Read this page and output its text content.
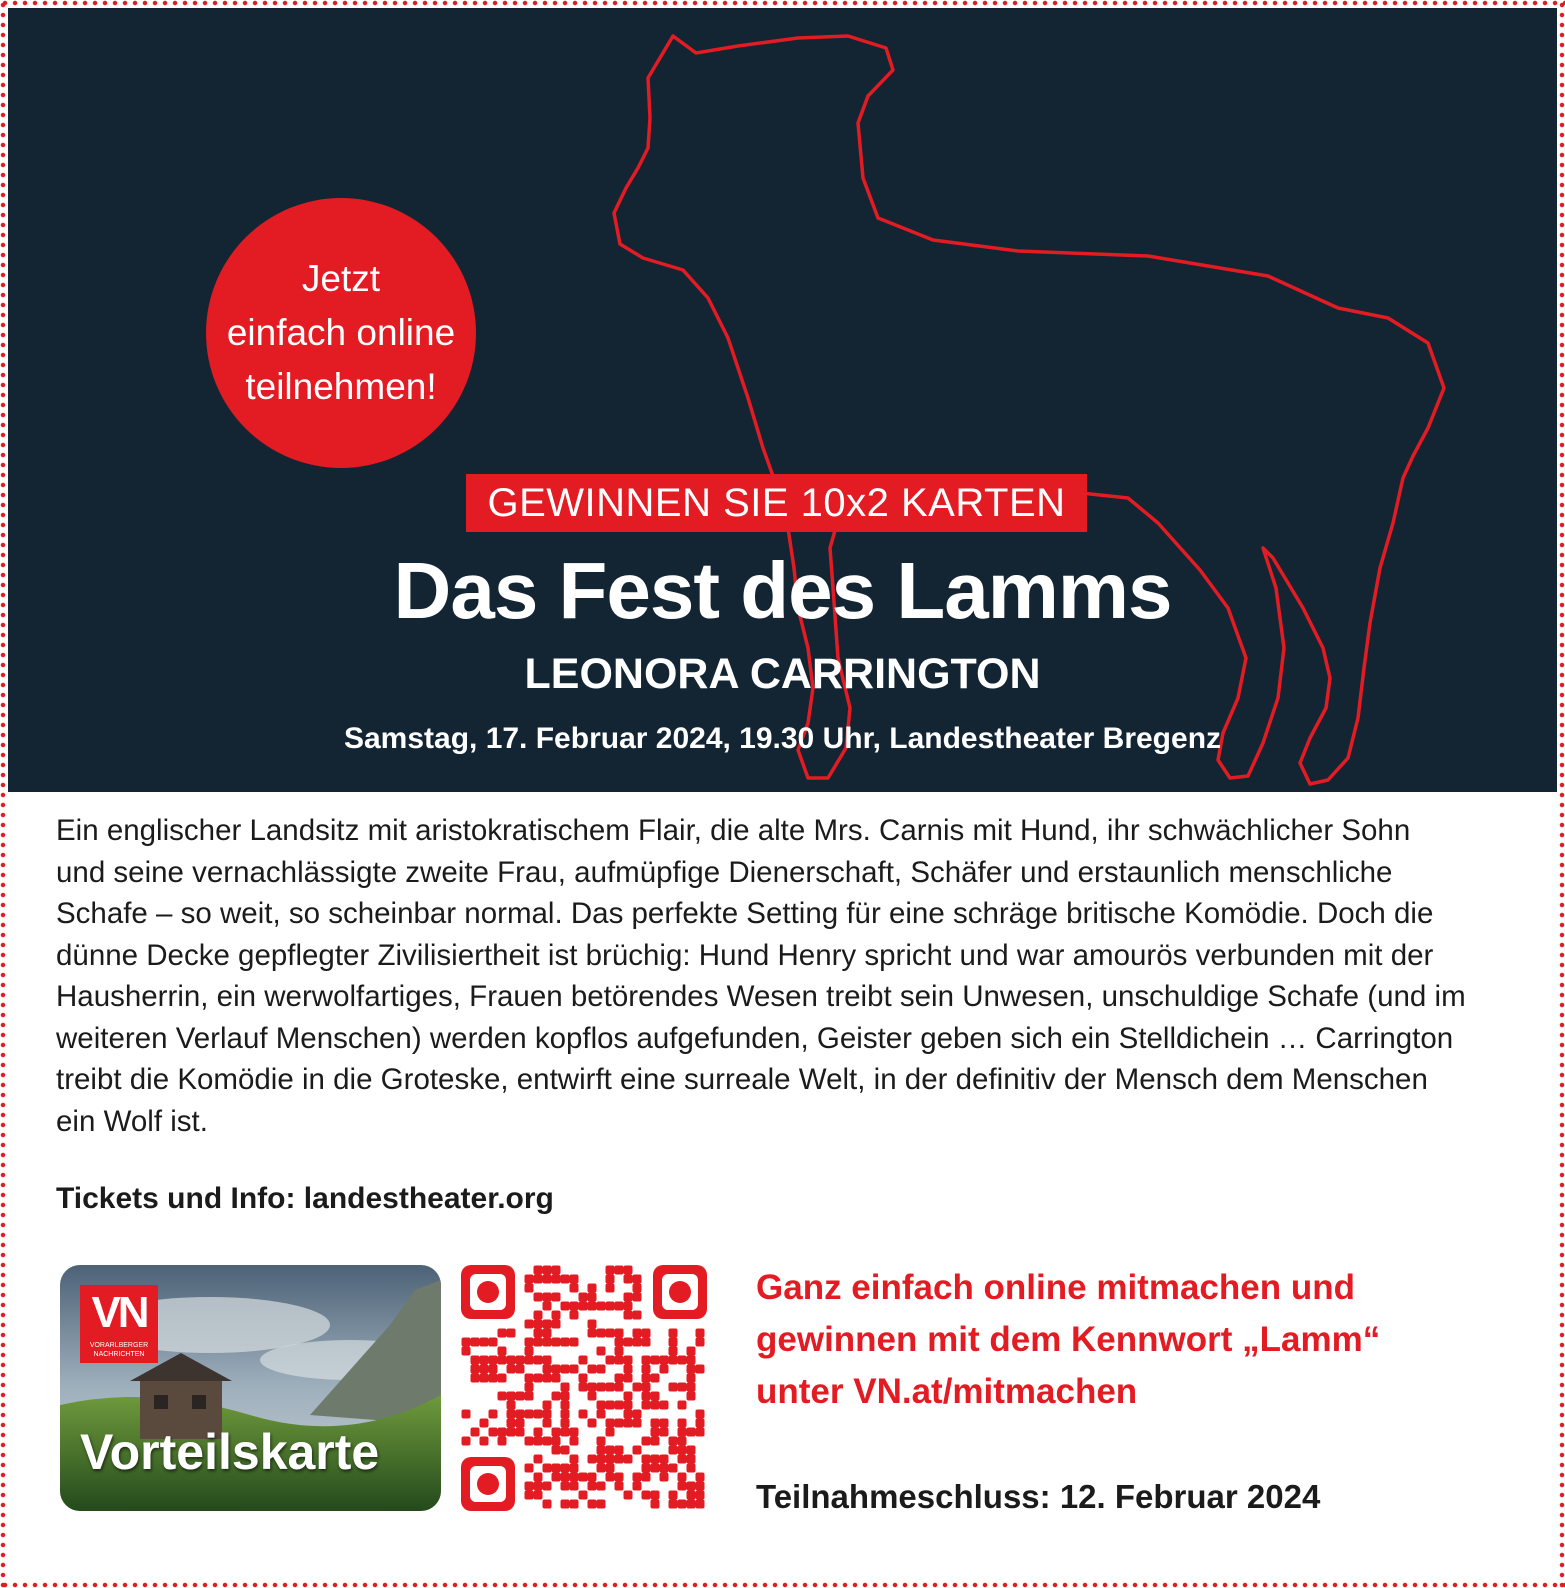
Jetzt
einfach online
teilnehmen!
GEWINNEN SIE 10x2 KARTEN
Das Fest des Lamms
LEONORA CARRINGTON
Samstag, 17. Februar 2024, 19.30 Uhr, Landestheater Bregenz
Ein englischer Landsitz mit aristokratischem Flair, die alte Mrs. Carnis mit Hund, ihr schwächlicher Sohn
und seine vernachlässigte zweite Frau, aufmüpfige Dienerschaft, Schäfer und erstaunlich menschliche
Schafe – so weit, so scheinbar normal. Das perfekte Setting für eine schräge britische Komödie. Doch die
dünne Decke gepflegter Zivilisiertheit ist brüchig: Hund Henry spricht und war amourös verbunden mit der
Hausherrin, ein werwolfartiges, Frauen betörendes Wesen treibt sein Unwesen, unschuldige Schafe (und im
weiteren Verlauf Menschen) werden kopflos aufgefunden, Geister geben sich ein Stelldichein … Carrington
treibt die Komödie in die Groteske, entwirft eine surreale Welt, in der definitiv der Mensch dem Menschen
ein Wolf ist.
Tickets und Info: landestheater.org
VN
VORARLBERGER
NACHRICHTEN
Vorteilskarte
Ganz einfach online mitmachen und
gewinnen mit dem Kennwort „Lamm“
unter VN.at/mitmachen
Teilnahmeschluss: 12. Februar 2024
